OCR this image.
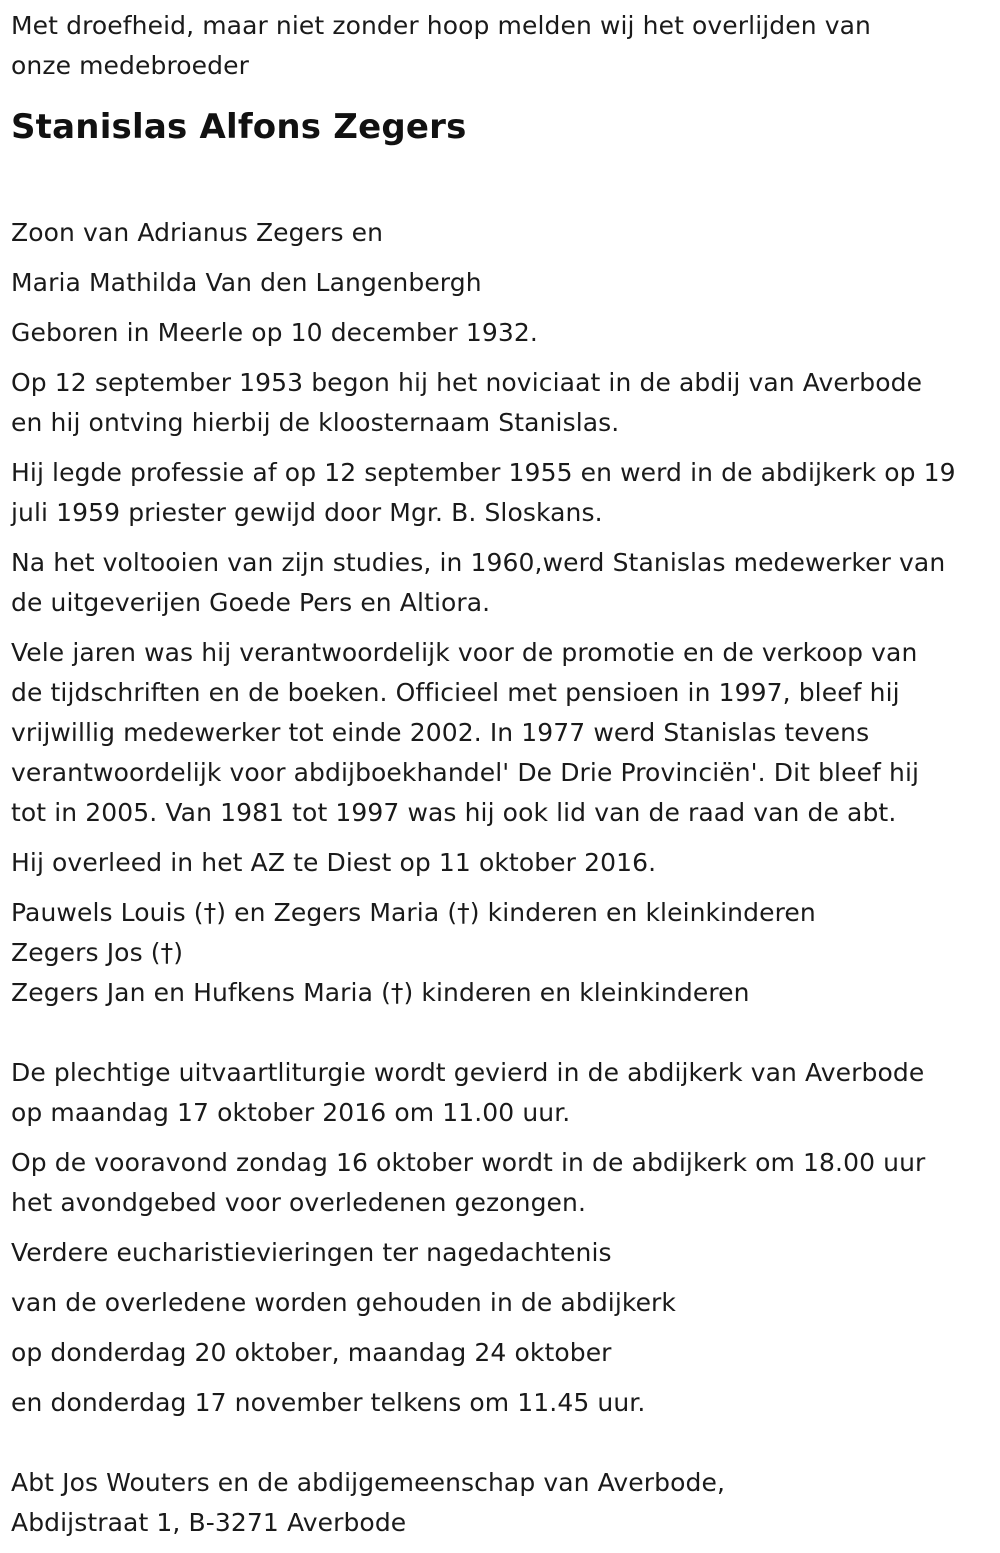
Met droefheid, maar niet zonder hoop melden wij het overlijden van
onze medebroeder
Stanislas Alfons Zegers
Zoon van Adrianus Zegers en
Maria Mathilda Van den Langenbergh
Geboren in Meerle op 10 december 1932.
Op 12 september 1953 begon hij het noviciaat in de abdij van Averbode
en hij ontving hierbij de kloosternaam Stanislas.
Hij legde professie af op 12 september 1955 en werd in de abdijkerk op 19
juli 1959 priester gewijd door Mgr. B. Sloskans.
Na het voltooien van zijn studies, in 1960,werd Stanislas medewerker van
de uitgeverijen Goede Pers en Altiora.
Vele jaren was hij verantwoordelijk voor de promotie en de verkoop van
de tijdschriften en de boeken. Officieel met pensioen in 1997, bleef hij
vrijwillig medewerker tot einde 2002. In 1977 werd Stanislas tevens
verantwoordelijk voor abdijboekhandel' De Drie Provinciën'. Dit bleef hij
tot in 2005. Van 1981 tot 1997 was hij ook lid van de raad van de abt.
Hij overleed in het AZ te Diest op 11 oktober 2016.
Pauwels Louis (†) en Zegers Maria (†) kinderen en kleinkinderen
Zegers Jos (†)
Zegers Jan en Hufkens Maria (†) kinderen en kleinkinderen
De plechtige uitvaartliturgie wordt gevierd in de abdijkerk van Averbode
op maandag 17 oktober 2016 om 11.00 uur.
Op de vooravond zondag 16 oktober wordt in de abdijkerk om 18.00 uur
het avondgebed voor overledenen gezongen.
Verdere eucharistievieringen ter nagedachtenis
van de overledene worden gehouden in de abdijkerk
op donderdag 20 oktober, maandag 24 oktober
en donderdag 17 november telkens om 11.45 uur.
Abt Jos Wouters en de abdijgemeenschap van Averbode,
Abdijstraat 1, B-3271 Averbode
